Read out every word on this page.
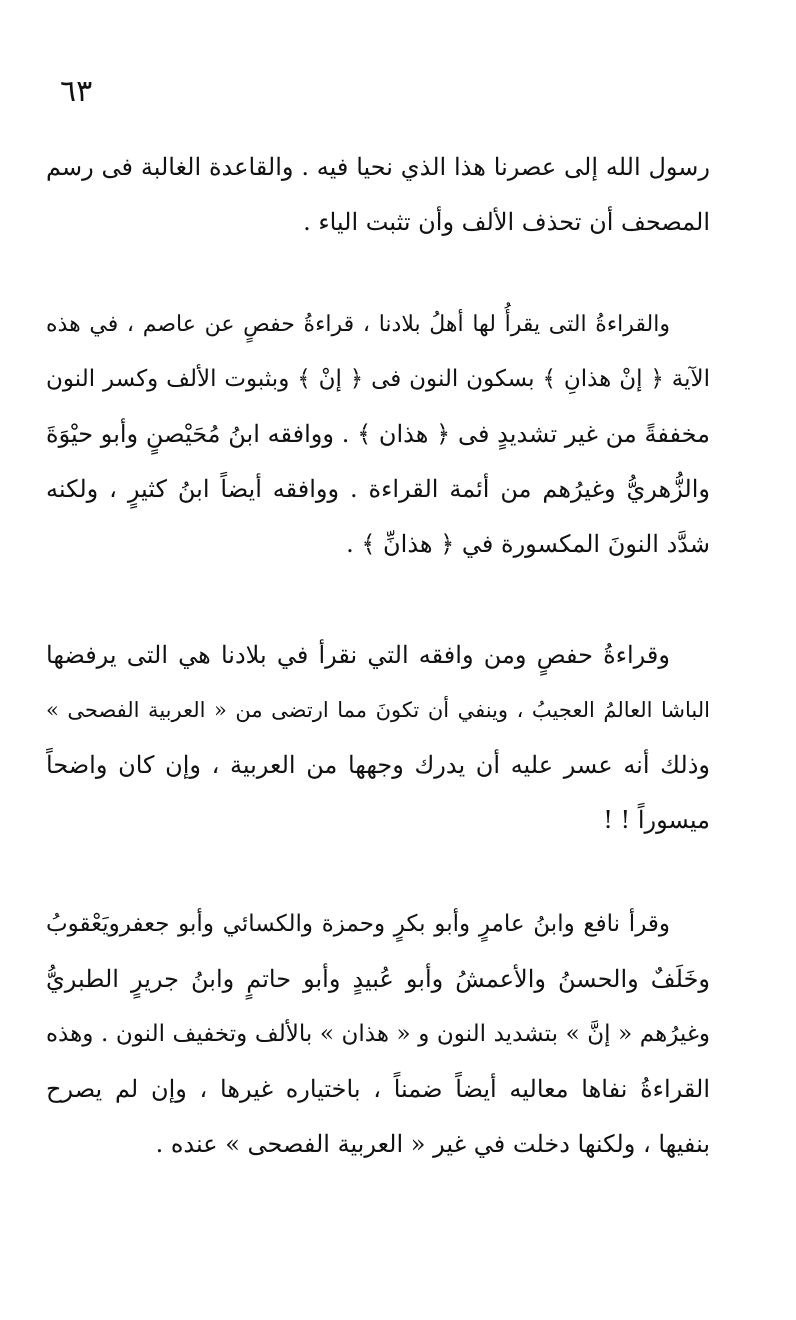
٦٣
رسول الله إلى عصرنا هذا الذي نحيا فيه . والقاعدة الغالبة فى رسم
المصحف أن تحذف الألف وأن تثبت الياء .
والقراءةُ التى يقرأُ لها أهلُ بلادنا ، قراءةُ حفصٍ عن عاصم ، في هذه
الآية ﴿ إنْ هذانِ ﴾ بسكون النون فى ﴿ إنْ ﴾ وبثبوت الألف وكسر النون
مخففةً من غير تشديدٍ فى ﴿ هذان ﴾ . ووافقه ابنُ مُحَيْصنٍ وأبو حيْوَةَ
والزُّهريُّ وغيرُهم من أئمة القراءة . ووافقه أيضاً ابنُ كثيرٍ ، ولكنه
شدَّد النونَ المكسورة في ﴿ هذانِّ ﴾ .
وقراءةُ حفصٍ ومن وافقه التي نقرأ في بلادنا هي التى يرفضها
الباشا العالمُ العجيبُ ، وينفي أن تكونَ مما ارتضى من « العربية الفصحى »
وذلك أنه عسر عليه أن يدرك وجهها من العربية ، وإن كان واضحاً
ميسوراً ! !
وقرأ نافع وابنُ عامرٍ وأبو بكرٍ وحمزة والكسائي وأبو جعفرويَعْقوبُ
وخَلَفٌ والحسنُ والأعمشُ وأبو عُبيدٍ وأبو حاتمٍ وابنُ جريرٍ الطبريُّ
وغيرُهم « إنَّ » بتشديد النون و « هذان » بالألف وتخفيف النون . وهذه
القراءةُ نفاها معاليه أيضاً ضمناً ، باختياره غيرها ، وإن لم يصرح
بنفيها ، ولكنها دخلت في غير « العربية الفصحى » عنده .
